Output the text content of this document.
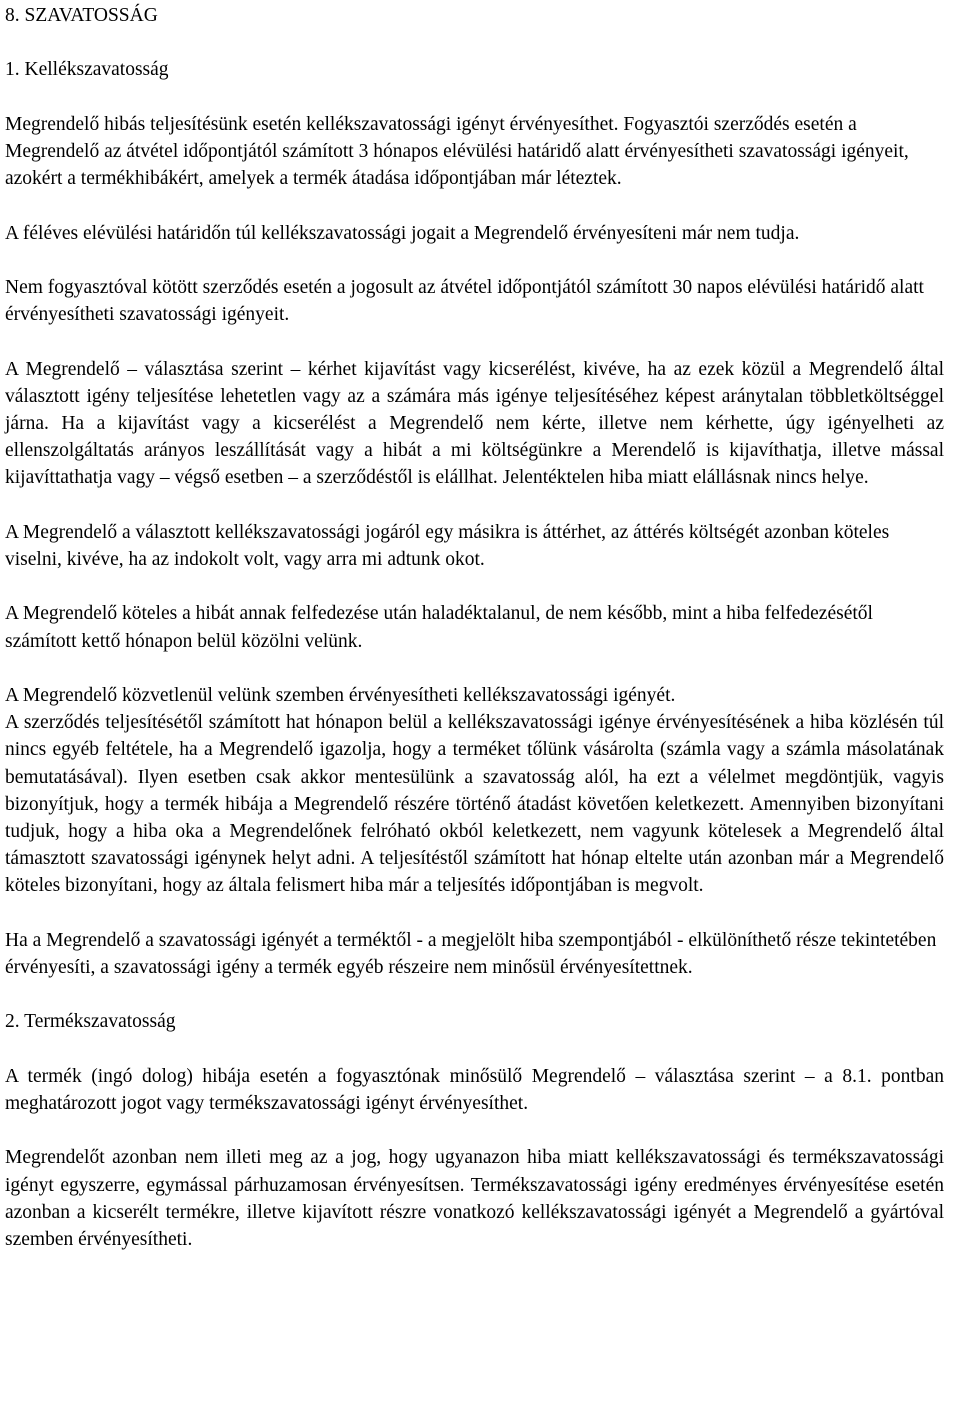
8. SZAVATOSSÁG
1. Kellékszavatosság
Megrendelő hibás teljesítésünk esetén kellékszavatossági igényt érvényesíthet. Fogyasztói szerződés esetén a Megrendelő az átvétel időpontjától számított 3 hónapos elévülési határidő alatt érvényesítheti szavatossági igényeit, azokért a termékhibákért, amelyek a termék átadása időpontjában már léteztek.
A féléves elévülési határidőn túl kellékszavatossági jogait a Megrendelő érvényesíteni már nem tudja.
Nem fogyasztóval kötött szerződés esetén a jogosult az átvétel időpontjától számított 30 napos elévülési határidő alatt érvényesítheti szavatossági igényeit.
A Megrendelő – választása szerint – kérhet kijavítást vagy kicserélést, kivéve, ha az ezek közül a Megrendelő által választott igény teljesítése lehetetlen vagy az a számára más igénye teljesítéséhez képest aránytalan többletköltséggel járna. Ha a kijavítást vagy a kicserélést a Megrendelő nem kérte, illetve nem kérhette, úgy igényelheti az ellenszolgáltatás arányos leszállítását vagy a hibát a mi költségünkre a Merendelő is kijavíthatja, illetve mással kijavíttathatja vagy – végső esetben – a szerződéstől is elállhat. Jelentéktelen hiba miatt elállásnak nincs helye.
A Megrendelő a választott kellékszavatossági jogáról egy másikra is áttérhet, az áttérés költségét azonban köteles viselni, kivéve, ha az indokolt volt, vagy arra mi adtunk okot.
A Megrendelő köteles a hibát annak felfedezése után haladéktalanul, de nem később, mint a hiba felfedezésétől számított kettő hónapon belül közölni velünk.
A Megrendelő közvetlenül velünk szemben érvényesítheti kellékszavatossági igényét.
A szerződés teljesítésétől számított hat hónapon belül a kellékszavatossági igénye érvényesítésének a hiba közlésén túl nincs egyéb feltétele, ha a Megrendelő igazolja, hogy a terméket tőlünk vásárolta (számla vagy a számla másolatának bemutatásával). Ilyen esetben csak akkor mentesülünk a szavatosság alól, ha ezt a vélelmet megdöntjük, vagyis bizonyítjuk, hogy a termék hibája a Megrendelő részére történő átadást követően keletkezett. Amennyiben bizonyítani tudjuk, hogy a hiba oka a Megrendelőnek felróható okból keletkezett, nem vagyunk kötelesek a Megrendelő által támasztott szavatossági igénynek helyt adni. A teljesítéstől számított hat hónap eltelte után azonban már a Megrendelő köteles bizonyítani, hogy az általa felismert hiba már a teljesítés időpontjában is megvolt.
Ha a Megrendelő a szavatossági igényét a terméktől - a megjelölt hiba szempontjából - elkülöníthető része tekintetében érvényesíti, a szavatossági igény a termék egyéb részeire nem minősül érvényesítettnek.
2. Termékszavatosság
A termék (ingó dolog) hibája esetén a fogyasztónak minősülő Megrendelő – választása szerint – a 8.1. pontban meghatározott jogot vagy termékszavatossági igényt érvényesíthet.
Megrendelőt azonban nem illeti meg az a jog, hogy ugyanazon hiba miatt kellékszavatossági és termékszavatossági igényt egyszerre, egymással párhuzamosan érvényesítsen. Termékszavatossági igény eredményes érvényesítése esetén azonban a kicserélt termékre, illetve kijavított részre vonatkozó kellékszavatossági igényét a Megrendelő a gyártóval szemben érvényesítheti.
